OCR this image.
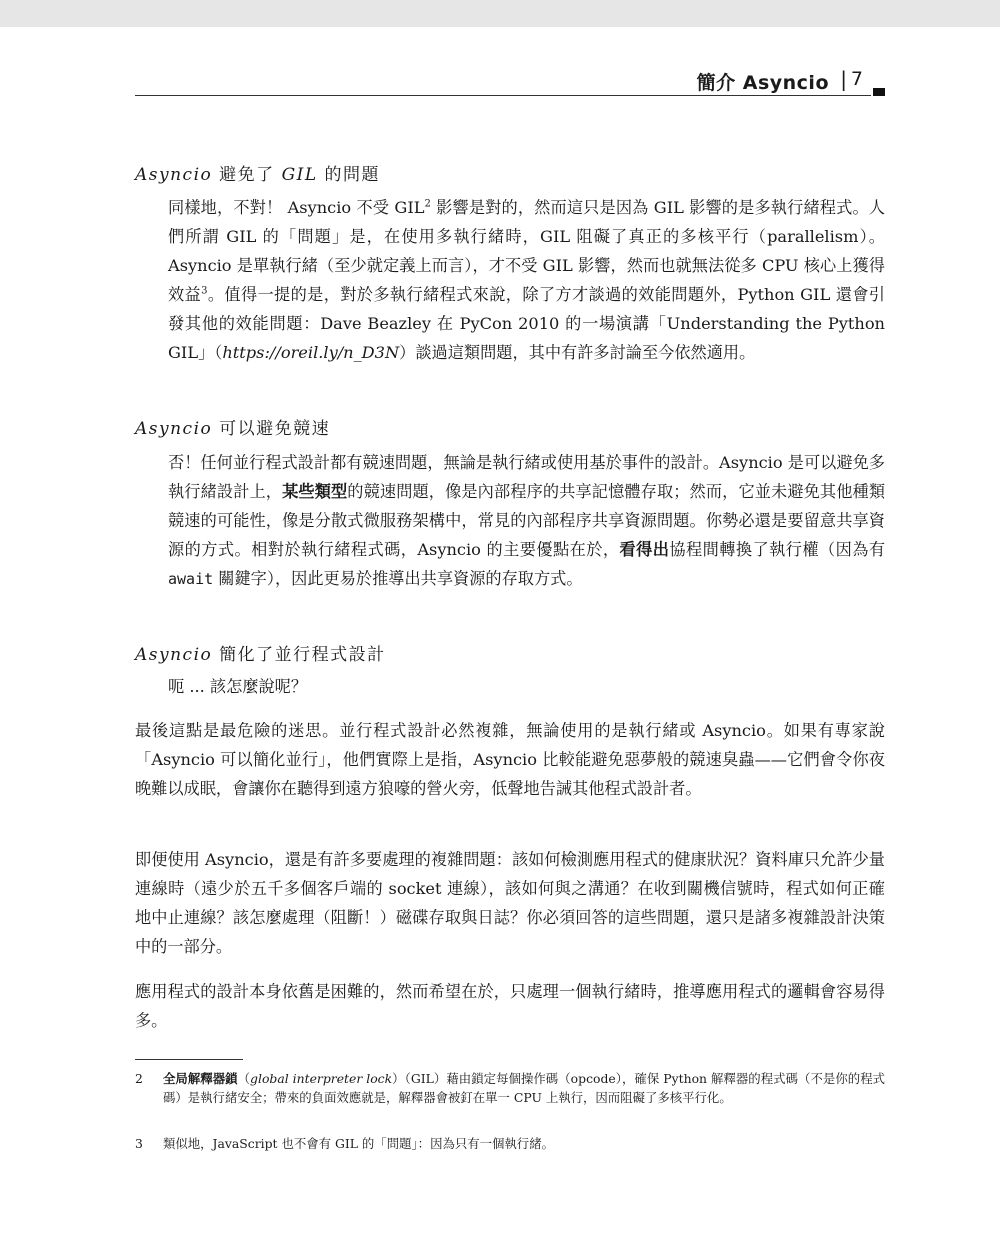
簡介 Asyncio | 7
Asyncio 避免了 GIL 的問題

同樣地，不對！ Asyncio 不受 GIL$^2$ 影響是對的，然而這只是因為 GIL 影響的是多執行緒程式。人們所謂 GIL 的「問題」是，在使用多執行緒時，GIL 阻礙了真正的多核平行（parallelism）。Asyncio 是單執行緒（至少就定義上而言），才不受 GIL 影響，然而也就無法從多 CPU 核心上獲得效益$^3$。值得一提的是，對於多執行緒程式來說，除了方才談過的效能問題外，Python GIL 還會引發其他的效能問題：Dave Beazley 在 PyCon 2010 的一場演講「Understanding the Python GIL」（https://oreil.ly/n_D3N）談過這類問題，其中有許多討論至今依然適用。

Asyncio 可以避免競速

否！任何並行程式設計都有競速問題，無論是執行緒或使用基於事件的設計。Asyncio 是可以避免多執行緒設計上，某些類型的競速問題，像是內部程序的共享記憶體存取；然而，它並未避免其他種類競速的可能性，像是分散式微服務架構中，常見的內部程序共享資源問題。你勢必還是要留意共享資源的方式。相對於執行緒程式碼，Asyncio 的主要優點在於，看得出協程間轉換了執行權（因為有 await 關鍵字），因此更易於推導出共享資源的存取方式。

Asyncio 簡化了並行程式設計

呃 ... 該怎麼說呢？

最後這點是最危險的迷思。並行程式設計必然複雜，無論使用的是執行緒或 Asyncio。如果有專家說「Asyncio 可以簡化並行」，他們實際上是指，Asyncio 比較能避免惡夢般的競速臭蟲——它們會令你夜晚難以成眠，會讓你在聽得到遠方狼嚎的營火旁，低聲地告誡其他程式設計者。

即便使用 Asyncio，還是有許多要處理的複雜問題：該如何檢測應用程式的健康狀況？資料庫只允許少量連線時（遠少於五千多個客戶端的 socket 連線），該如何與之溝通？在收到關機信號時，程式如何正確地中止連線？該怎麼處理（阻斷！）磁碟存取與日誌？你必須回答的這些問題，還只是諸多複雜設計決策中的一部分。

應用程式的設計本身依舊是困難的，然而希望在於，只處理一個執行緒時，推導應用程式的邏輯會容易得多。

2 全局解釋器鎖（global interpreter lock）（GIL）藉由鎖定每個操作碼（opcode），確保 Python 解釋器的程式碼（不是你的程式碼）是執行緒安全；帶來的負面效應就是，解釋器會被釘在單一 CPU 上執行，因而阻礙了多核平行化。
3 類似地，JavaScript 也不會有 GIL 的「問題」：因為只有一個執行緒。
